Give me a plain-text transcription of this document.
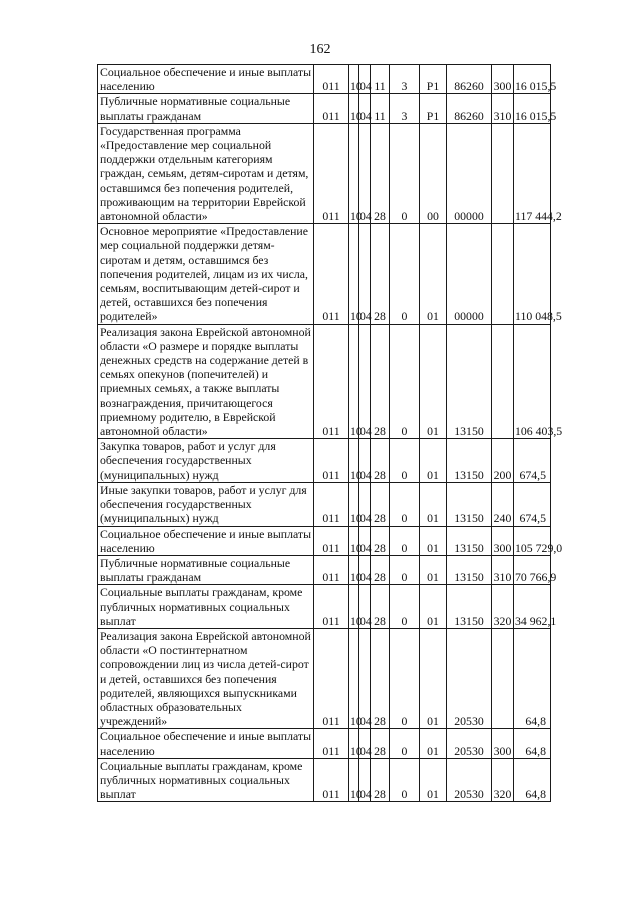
162
Социальное обеспечение и иные выплаты населению	011	10	04	11	3	P1	86260	300	16 015,5

Публичные нормативные социальные выплаты гражданам	011	10	04	11	3	P1	86260	310	16 015,5

Государственная программа «Предоставление мер социальной поддержки отдельным категориям граждан, семьям, детям-сиротам и детям, оставшимся без попечения родителей, проживающим на территории Еврейской автономной области»	011	10	04	28	0	00	00000		117 444,2

Основное мероприятие «Предоставление мер социальной поддержки детям-сиротам и детям, оставшимся без попечения родителей, лицам из их числа, семьям, воспитывающим детей-сирот и детей, оставшихся без попечения родителей»	011	10	04	28	0	01	00000		110 048,5

Реализация закона Еврейской автономной области «О размере и порядке выплаты денежных средств на содержание детей в семьях опекунов (попечителей) и приемных семьях, а также выплаты вознаграждения, причитающегося приемному родителю, в Еврейской автономной области»	011	10	04	28	0	01	13150		106 403,5

Закупка товаров, работ и услуг для обеспечения государственных (муниципальных) нужд	011	10	04	28	0	01	13150	200	674,5

Иные закупки товаров, работ и услуг для обеспечения государственных (муниципальных) нужд	011	10	04	28	0	01	13150	240	674,5

Социальное обеспечение и иные выплаты населению	011	10	04	28	0	01	13150	300	105 729,0

Публичные нормативные социальные выплаты гражданам	011	10	04	28	0	01	13150	310	70 766,9

Социальные выплаты гражданам, кроме публичных нормативных социальных выплат	011	10	04	28	0	01	13150	320	34 962,1

Реализация закона Еврейской автономной области «О постинтернатном сопровождении лиц из числа детей-сирот и детей, оставшихся без попечения родителей, являющихся выпускниками областных образовательных учреждений»	011	10	04	28	0	01	20530		64,8

Социальное обеспечение и иные выплаты населению	011	10	04	28	0	01	20530	300	64,8

Социальные выплаты гражданам, кроме публичных нормативных социальных выплат	011	10	04	28	0	01	20530	320	64,8
